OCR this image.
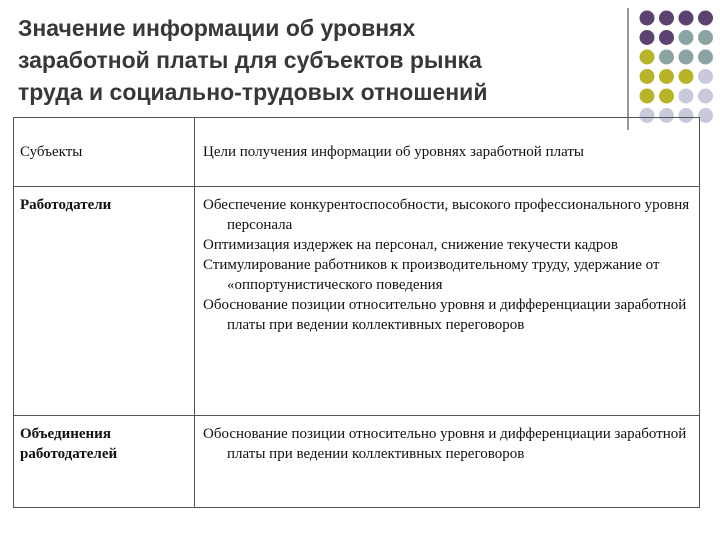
Значение информации об уровнях
заработной платы для субъектов рынка
труда и социально-трудовых отношений
Субъекты	Цели получения информации об уровнях заработной платы

Работодатели	Обеспечение конкурентоспособности, высокого профессионального уровня персонала
Оптимизация издержек на персонал, снижение текучести кадров
Стимулирование работников к производительному труду, удержание от «оппортунистического поведения
Обоснование позиции относительно уровня и дифференциации заработной платы при ведении коллективных переговоров

Объединения работодателей	Обоснование позиции относительно уровня и дифференциации заработной платы при ведении коллективных переговоров
